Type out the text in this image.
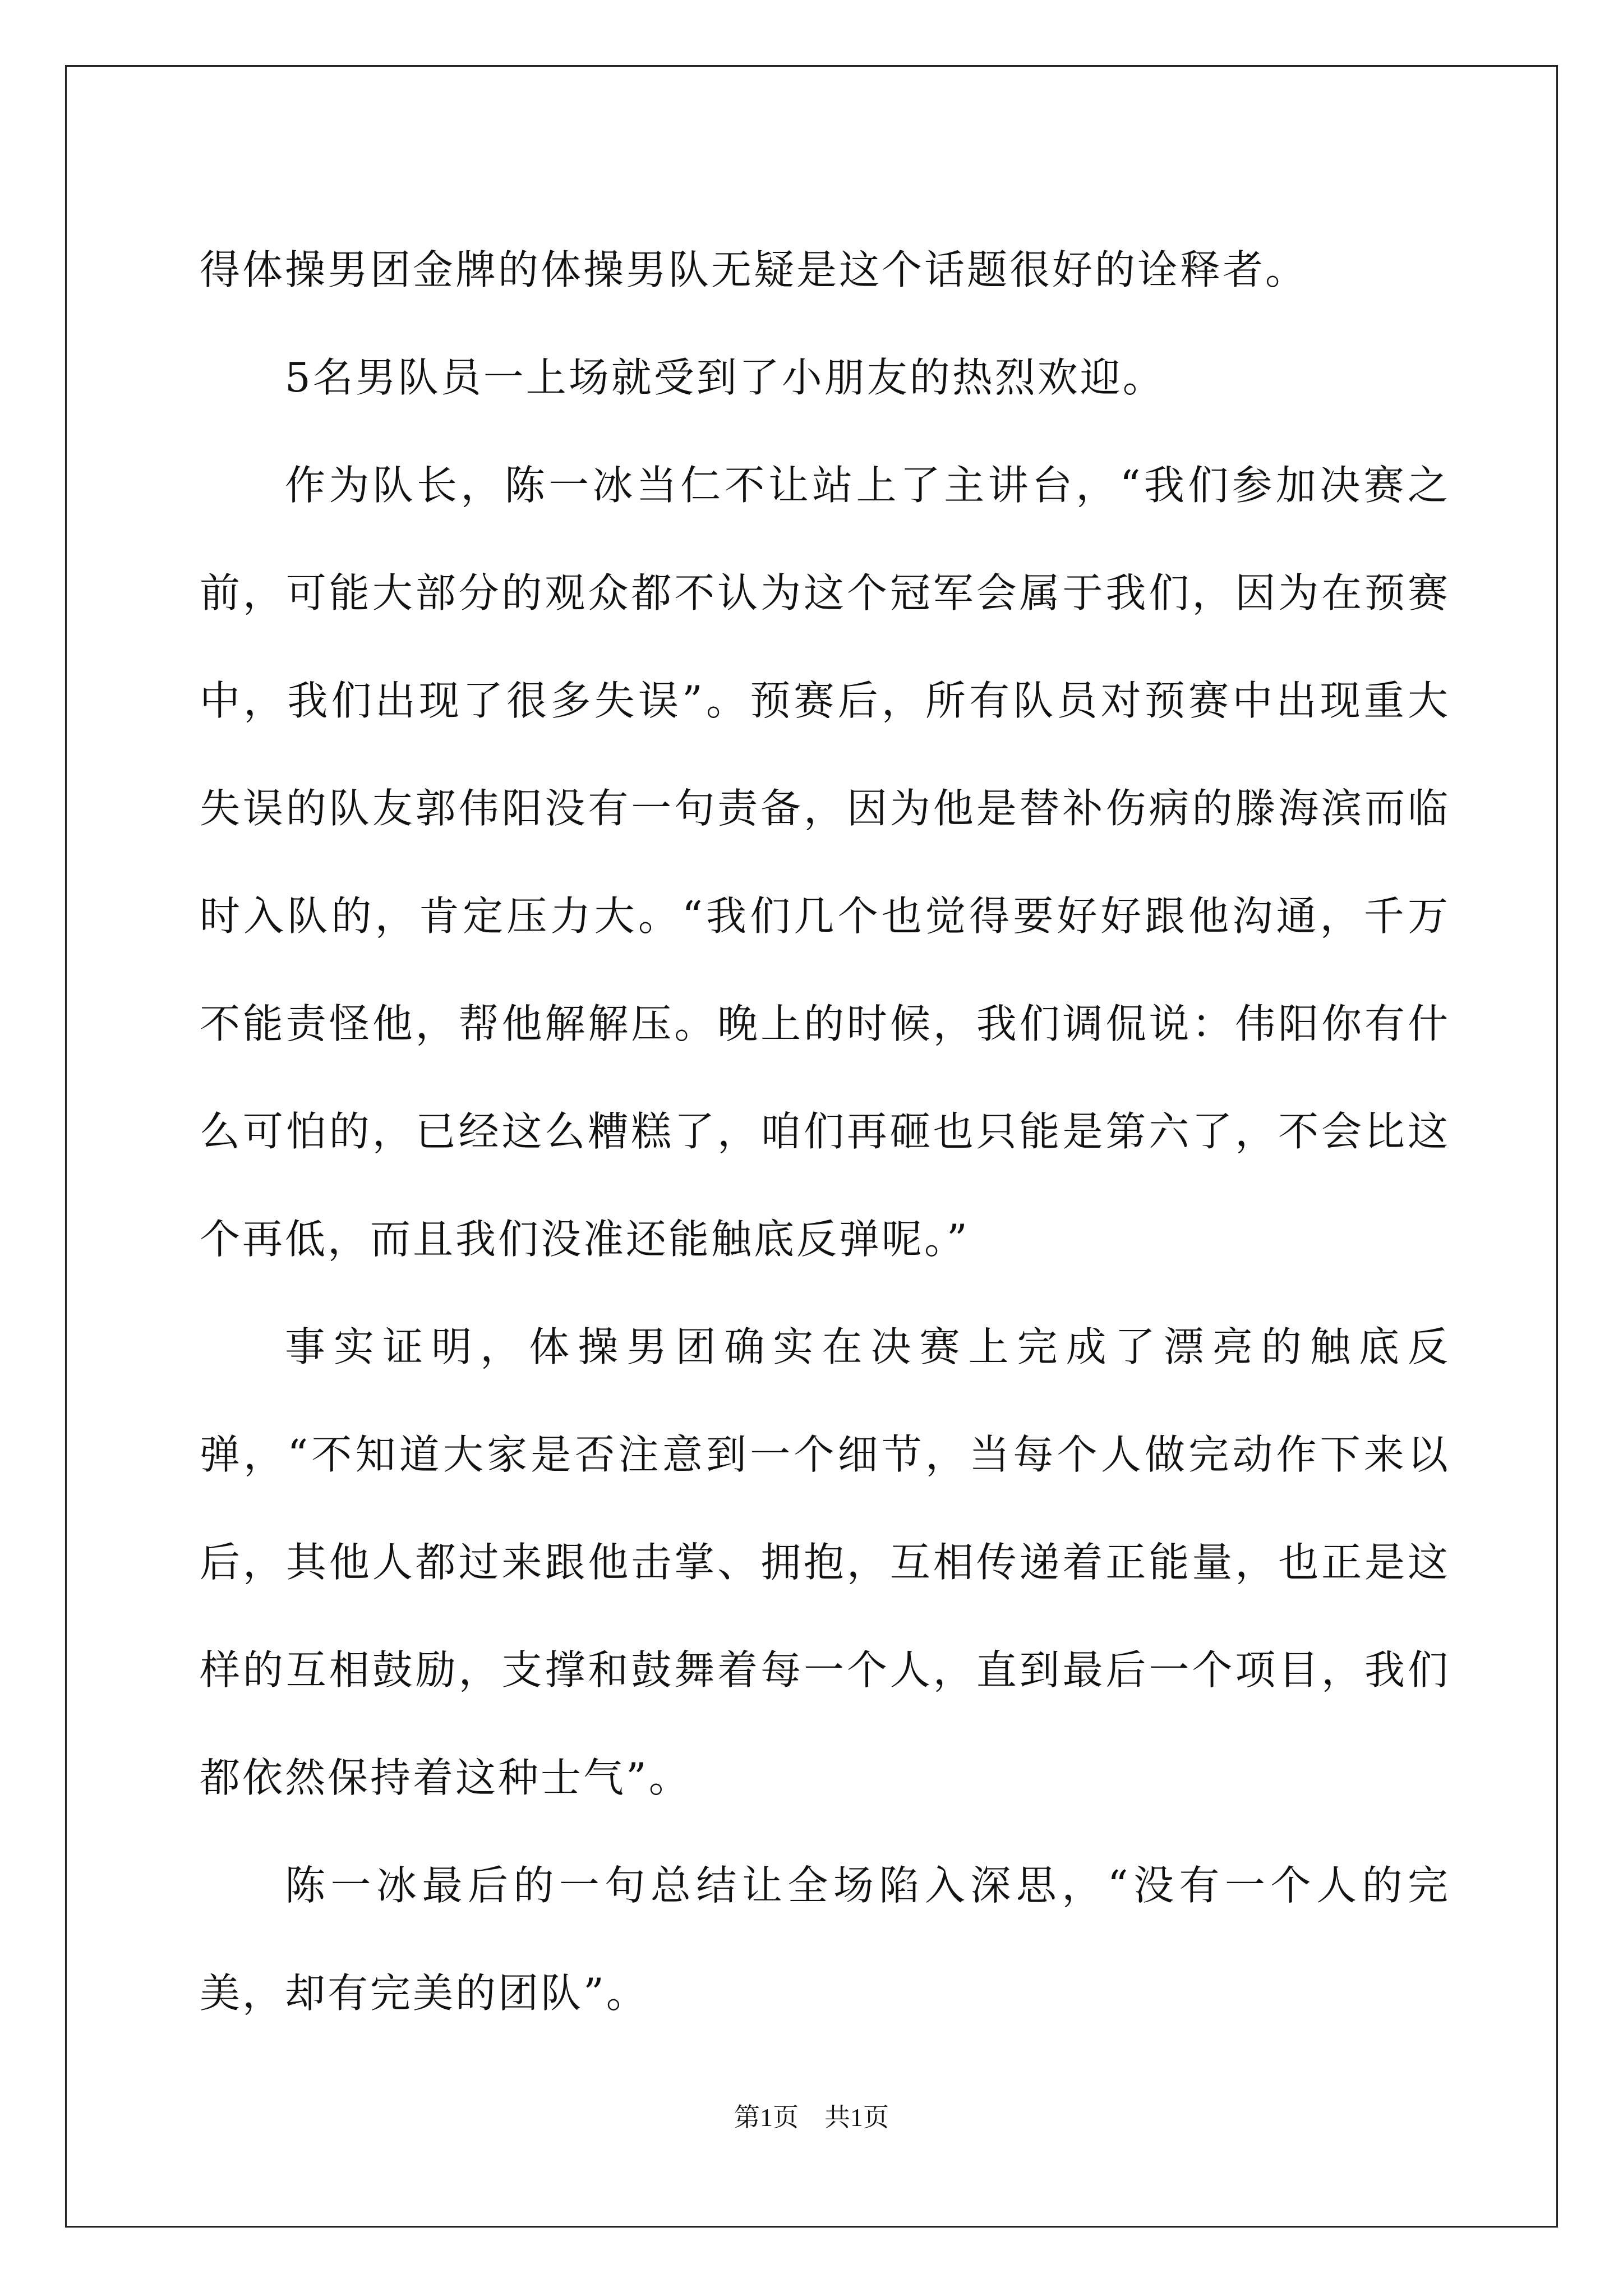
得体操男团金牌的体操男队无疑是这个话题很好的诠释者。

5名男队员一上场就受到了小朋友的热烈欢迎。

作为队长，陈一冰当仁不让站上了主讲台，“我们参加决赛之前，可能大部分的观众都不认为这个冠军会属于我们，因为在预赛中，我们出现了很多失误”。预赛后，所有队员对预赛中出现重大失误的队友郭伟阳没有一句责备，因为他是替补伤病的滕海滨而临时入队的，肯定压力大。“我们几个也觉得要好好跟他沟通，千万不能责怪他，帮他解解压。晚上的时候，我们调侃说：伟阳你有什么可怕的，已经这么糟糕了，咱们再砸也只能是第六了，不会比这个再低，而且我们没准还能触底反弹呢。”

事实证明，体操男团确实在决赛上完成了漂亮的触底反弹，“不知道大家是否注意到一个细节，当每个人做完动作下来以后，其他人都过来跟他击掌、拥抱，互相传递着正能量，也正是这样的互相鼓励，支撑和鼓舞着每一个人，直到最后一个项目，我们都依然保持着这种士气”。

陈一冰最后的一句总结让全场陷入深思，“没有一个人的完美，却有完美的团队”。

第1页 共1页
